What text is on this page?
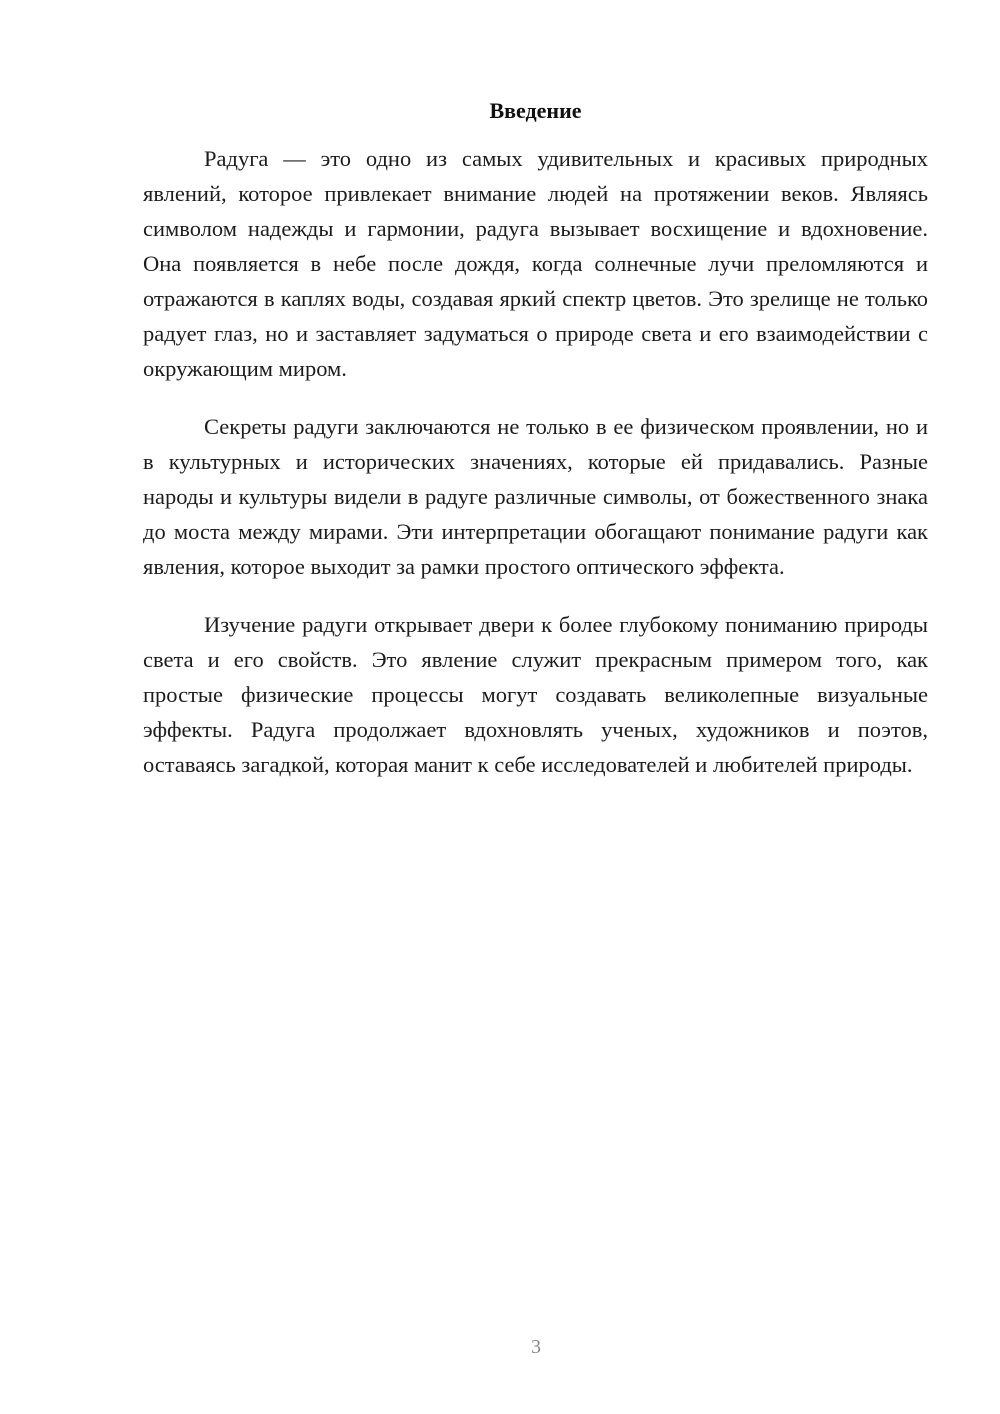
Введение

Радуга — это одно из самых удивительных и красивых природных явлений, которое привлекает внимание людей на протяжении веков. Являясь символом надежды и гармонии, радуга вызывает восхищение и вдохновение. Она появляется в небе после дождя, когда солнечные лучи преломляются и отражаются в каплях воды, создавая яркий спектр цветов. Это зрелище не только радует глаз, но и заставляет задуматься о природе света и его взаимодействии с окружающим миром.

Секреты радуги заключаются не только в ее физическом проявлении, но и в культурных и исторических значениях, которые ей придавались. Разные народы и культуры видели в радуге различные символы, от божественного знака до моста между мирами. Эти интерпретации обогащают понимание радуги как явления, которое выходит за рамки простого оптического эффекта.

Изучение радуги открывает двери к более глубокому пониманию природы света и его свойств. Это явление служит прекрасным примером того, как простые физические процессы могут создавать великолепные визуальные эффекты. Радуга продолжает вдохновлять ученых, художников и поэтов, оставаясь загадкой, которая манит к себе исследователей и любителей природы.

3
